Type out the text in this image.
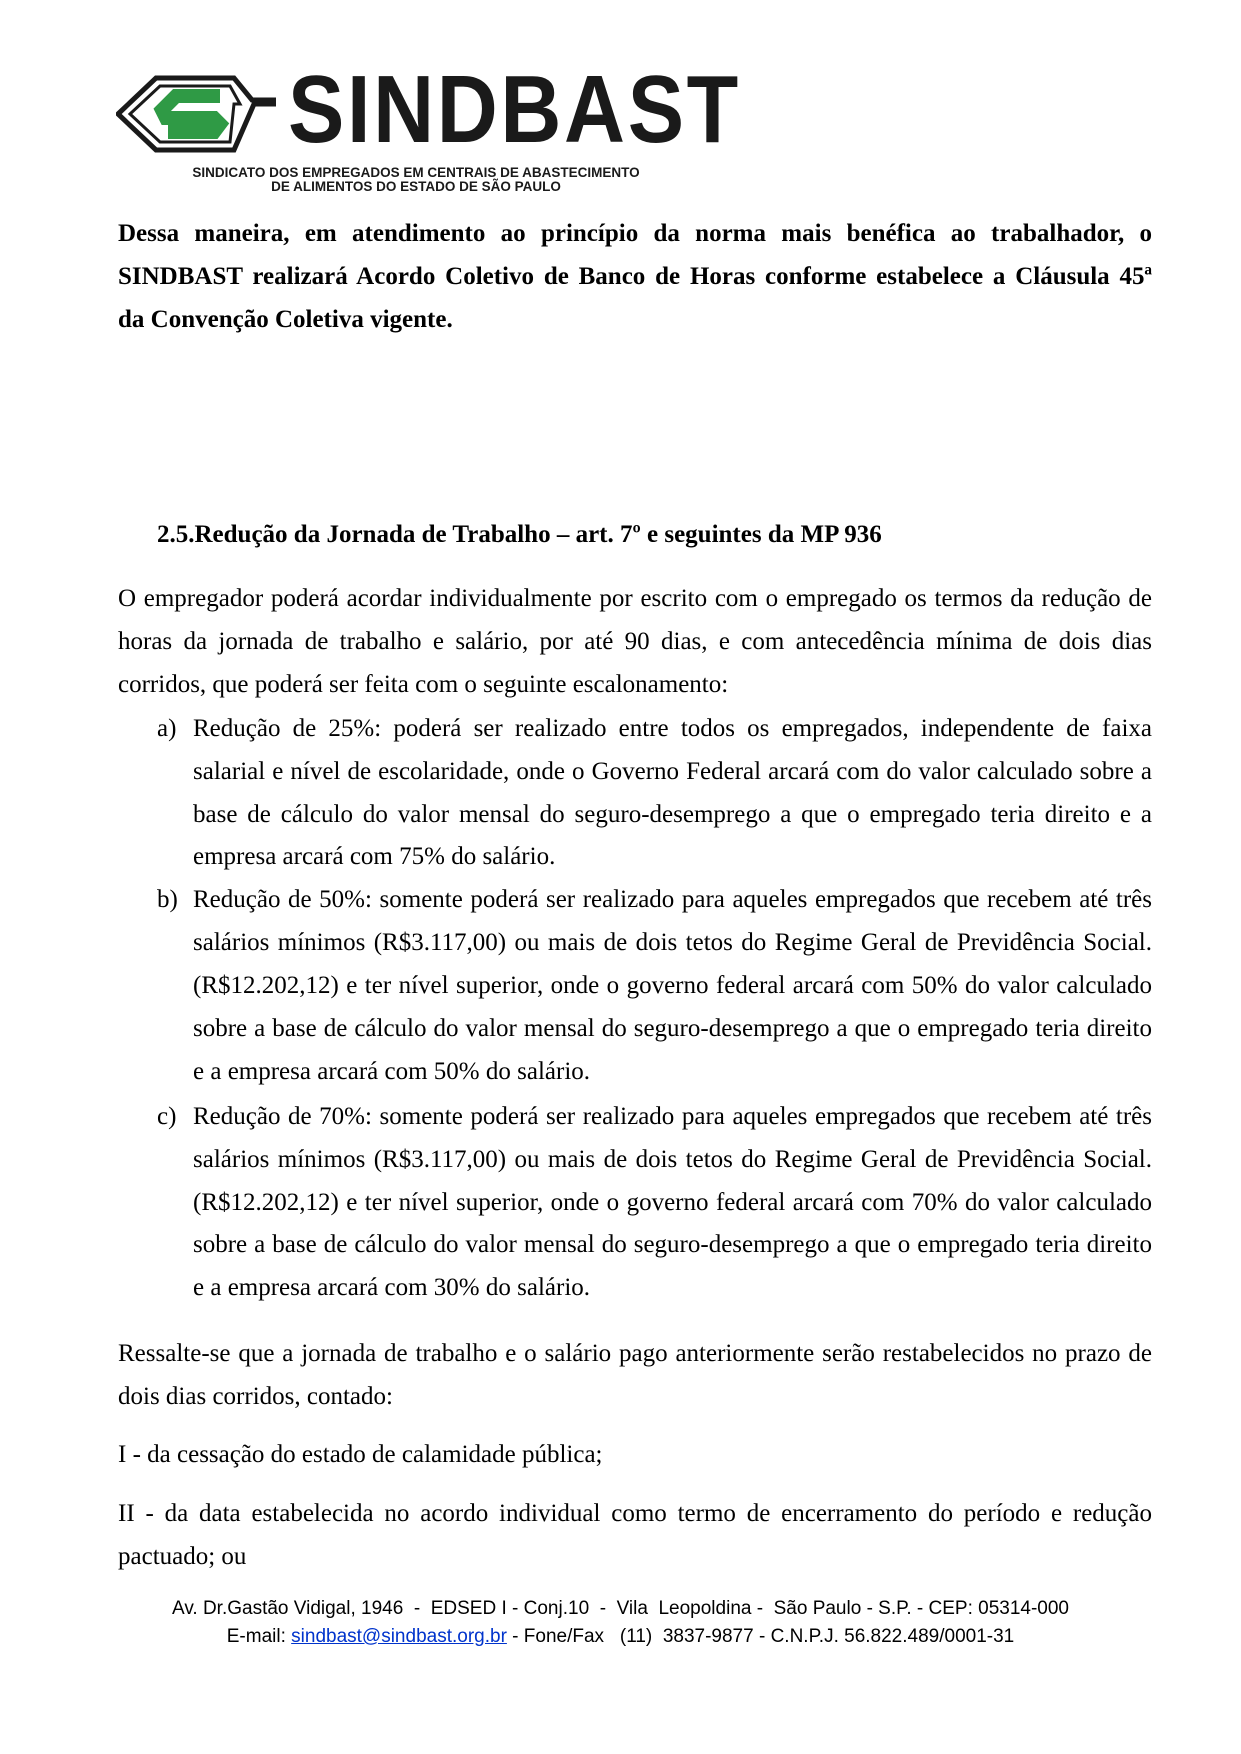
SINDBAST
SINDICATO DOS EMPREGADOS EM CENTRAIS DE ABASTECIMENTO
DE ALIMENTOS DO ESTADO DE SÃO PAULO
Dessa maneira, em atendimento ao princípio da norma mais benéfica ao trabalhador, o
SINDBAST realizará Acordo Coletivo de Banco de Horas conforme estabelece a Cláusula 45ª
da Convenção Coletiva vigente.
2.5.Redução da Jornada de Trabalho – art. 7º e seguintes da MP 936
O empregador poderá acordar individualmente por escrito com o empregado os termos da redução de
horas da jornada de trabalho e salário, por até 90 dias, e com antecedência mínima de dois dias
corridos, que poderá ser feita com o seguinte escalonamento:
a) Redução de 25%: poderá ser realizado entre todos os empregados, independente de faixa
salarial e nível de escolaridade, onde o Governo Federal arcará com do valor calculado sobre a
base de cálculo do valor mensal do seguro-desemprego a que o empregado teria direito e a
empresa arcará com 75% do salário.
b) Redução de 50%: somente poderá ser realizado para aqueles empregados que recebem até três
salários mínimos (R$3.117,00) ou mais de dois tetos do Regime Geral de Previdência Social.
(R$12.202,12) e ter nível superior, onde o governo federal arcará com 50% do valor calculado
sobre a base de cálculo do valor mensal do seguro-desemprego a que o empregado teria direito
e a empresa arcará com 50% do salário.
c) Redução de 70%: somente poderá ser realizado para aqueles empregados que recebem até três
salários mínimos (R$3.117,00) ou mais de dois tetos do Regime Geral de Previdência Social.
(R$12.202,12) e ter nível superior, onde o governo federal arcará com 70% do valor calculado
sobre a base de cálculo do valor mensal do seguro-desemprego a que o empregado teria direito
e a empresa arcará com 30% do salário.
Ressalte-se que a jornada de trabalho e o salário pago anteriormente serão restabelecidos no prazo de
dois dias corridos, contado:
I - da cessação do estado de calamidade pública;
II - da data estabelecida no acordo individual como termo de encerramento do período e redução
pactuado; ou
Av. Dr.Gastão Vidigal, 1946  -  EDSED I - Conj.10  -  Vila  Leopoldina -  São Paulo - S.P. - CEP: 05314-000
E-mail: sindbast@sindbast.org.br - Fone/Fax   (11)  3837-9877 - C.N.P.J. 56.822.489/0001-31
